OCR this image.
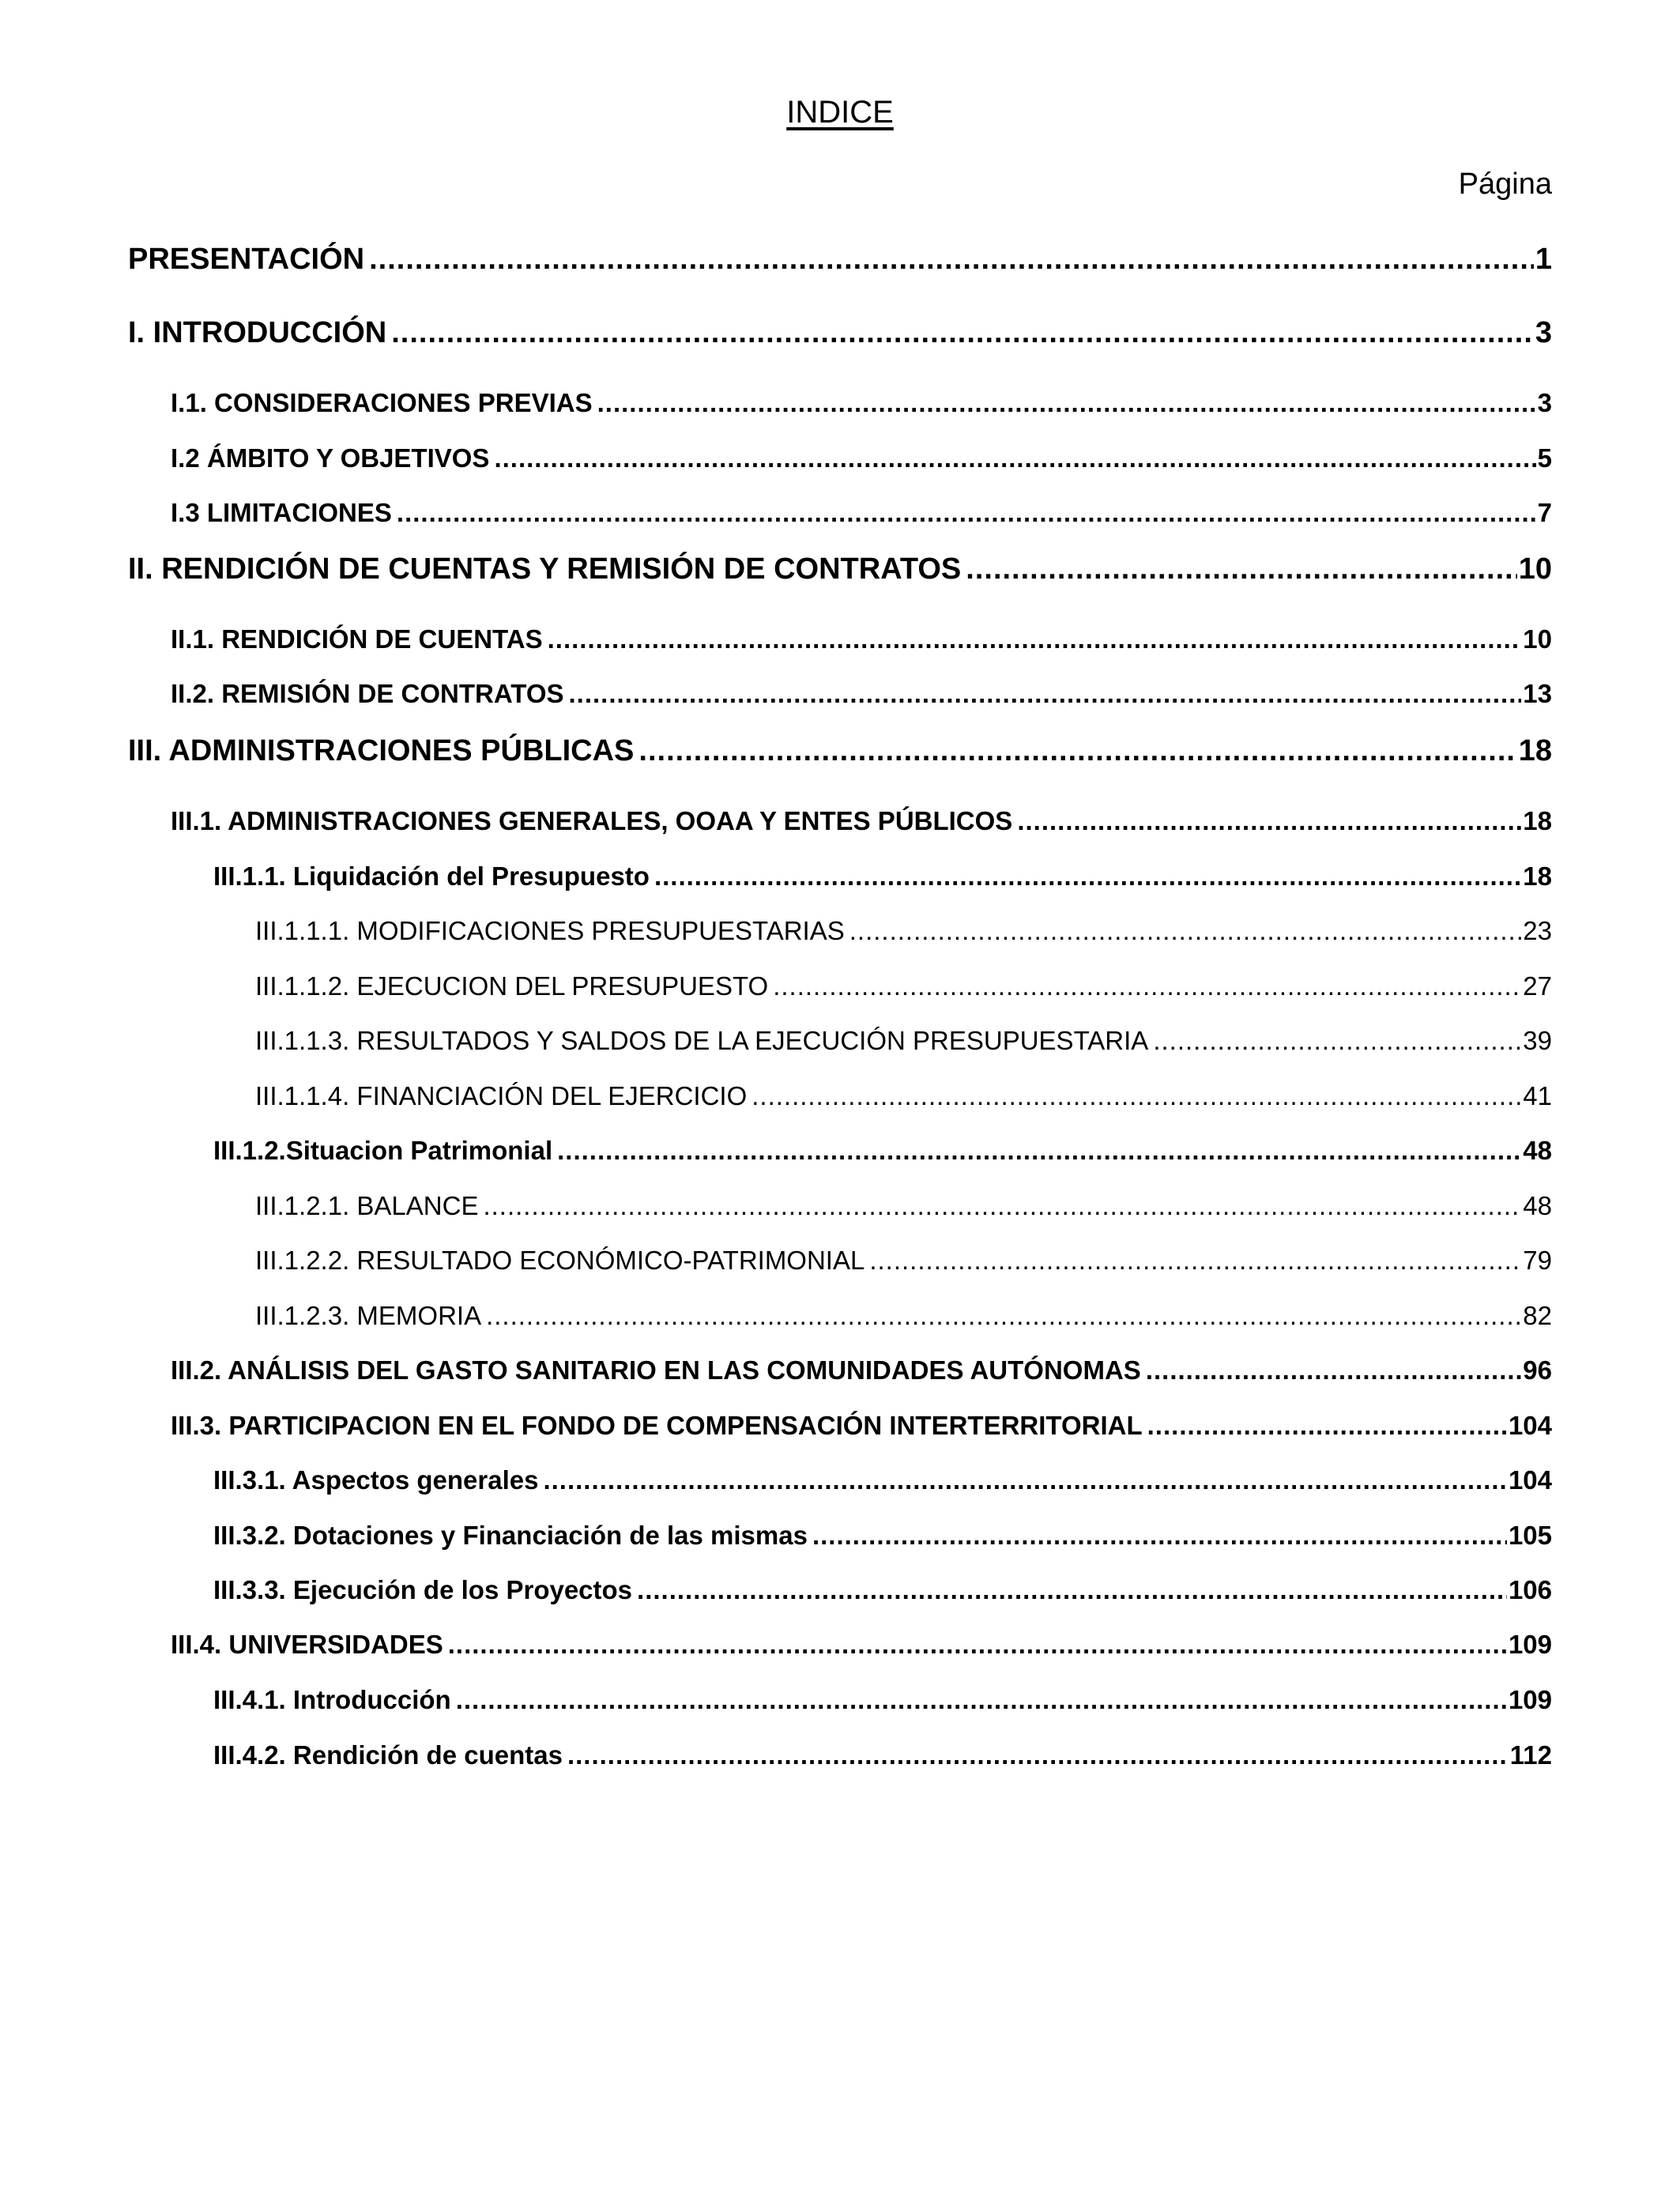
INDICE
Página
PRESENTACIÓN .....	1
I. INTRODUCCIÓN .....	3
I.1. CONSIDERACIONES PREVIAS .....	3
I.2 ÁMBITO Y OBJETIVOS .....	5
I.3 LIMITACIONES .....	7
II. RENDICIÓN DE CUENTAS Y REMISIÓN DE CONTRATOS .....	10
II.1. RENDICIÓN DE CUENTAS .....	10
II.2. REMISIÓN DE CONTRATOS .....	13
III. ADMINISTRACIONES PÚBLICAS .....	18
III.1. ADMINISTRACIONES GENERALES, OOAA Y ENTES PÚBLICOS .....	18
III.1.1. Liquidación del Presupuesto .....	18
III.1.1.1. MODIFICACIONES PRESUPUESTARIAS .....	23
III.1.1.2. EJECUCION DEL PRESUPUESTO .....	27
III.1.1.3. RESULTADOS Y SALDOS DE LA EJECUCIÓN PRESUPUESTARIA .....	39
III.1.1.4. FINANCIACIÓN DEL EJERCICIO .....	41
III.1.2.Situacion Patrimonial .....	48
III.1.2.1. BALANCE .....	48
III.1.2.2. RESULTADO ECONÓMICO-PATRIMONIAL .....	79
III.1.2.3. MEMORIA .....	82
III.2. ANÁLISIS DEL GASTO SANITARIO EN LAS COMUNIDADES AUTÓNOMAS .....	96
III.3. PARTICIPACION EN EL FONDO DE COMPENSACIÓN INTERTERRITORIAL .....	104
III.3.1. Aspectos generales .....	104
III.3.2. Dotaciones y Financiación de las mismas .....	105
III.3.3. Ejecución de los Proyectos .....	106
III.4. UNIVERSIDADES .....	109
III.4.1. Introducción .....	109
III.4.2. Rendición de cuentas .....	112
